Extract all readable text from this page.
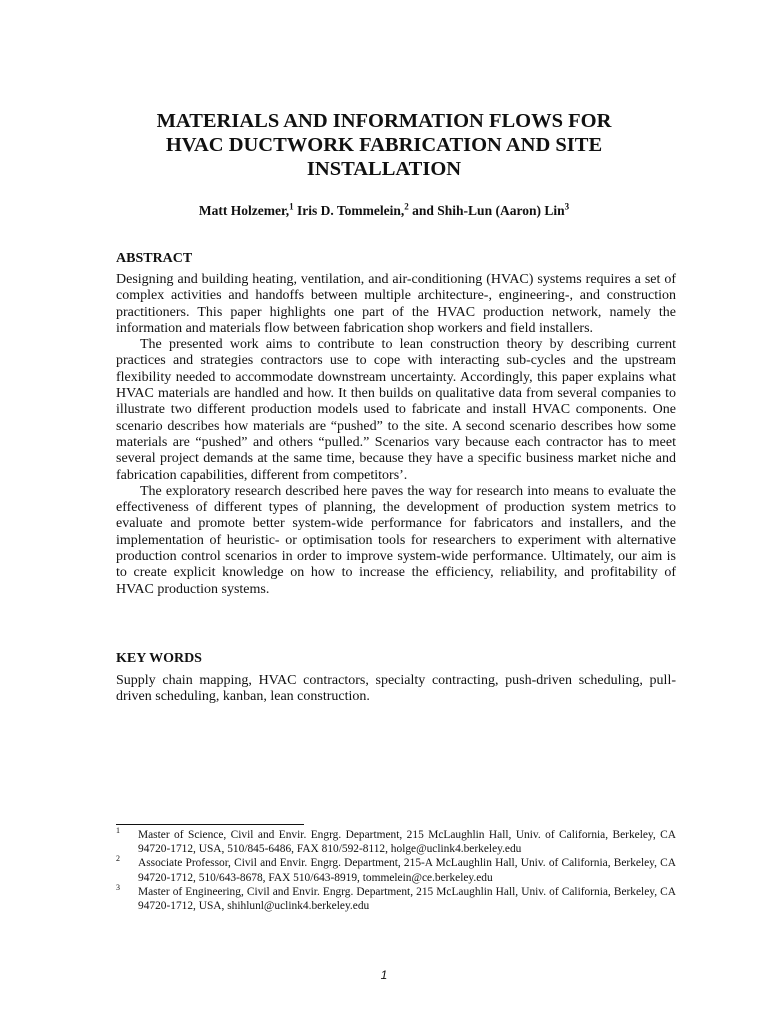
MATERIALS AND INFORMATION FLOWS FOR
HVAC DUCTWORK FABRICATION AND SITE
INSTALLATION
Matt Holzemer,$^1$ Iris D. Tommelein,$^2$ and Shih-Lun (Aaron) Lin$^3$
ABSTRACT

Designing and building heating, ventilation, and air-conditioning (HVAC) systems requires a set of complex activities and handoffs between multiple architecture-, engineering-, and construction practitioners. This paper highlights one part of the HVAC production network, namely the information and materials flow between fabrication shop workers and field installers.

The presented work aims to contribute to lean construction theory by describing current practices and strategies contractors use to cope with interacting sub-cycles and the upstream flexibility needed to accommodate downstream uncertainty. Accordingly, this paper explains what HVAC materials are handled and how. It then builds on qualitative data from several companies to illustrate two different production models used to fabricate and install HVAC components. One scenario describes how materials are “pushed” to the site. A second scenario describes how some materials are “pushed” and others “pulled.” Scenarios vary because each contractor has to meet several project demands at the same time, because they have a specific business market niche and fabrication capabilities, different from competitors’.

The exploratory research described here paves the way for research into means to evaluate the effectiveness of different types of planning, the development of production system metrics to evaluate and promote better system-wide performance for fabricators and installers, and the implementation of heuristic- or optimisation tools for researchers to experiment with alternative production control scenarios in order to improve system-wide performance. Ultimately, our aim is to create explicit knowledge on how to increase the efficiency, reliability, and profitability of HVAC production systems.

KEY WORDS

Supply chain mapping, HVAC contractors, specialty contracting, push-driven scheduling, pull-driven scheduling, kanban, lean construction.

1 Master of Science, Civil and Envir. Engrg. Department, 215 McLaughlin Hall, Univ. of California, Berkeley, CA 94720-1712, USA, 510/845-6486, FAX 810/592-8112, holge@uclink4.berkeley.edu

2 Associate Professor, Civil and Envir. Engrg. Department, 215-A McLaughlin Hall, Univ. of California, Berkeley, CA 94720-1712, 510/643-8678, FAX 510/643-8919, tommelein@ce.berkeley.edu

3 Master of Engineering, Civil and Envir. Engrg. Department, 215 McLaughlin Hall, Univ. of California, Berkeley, CA 94720-1712, USA, shihlunl@uclink4.berkeley.edu

1
